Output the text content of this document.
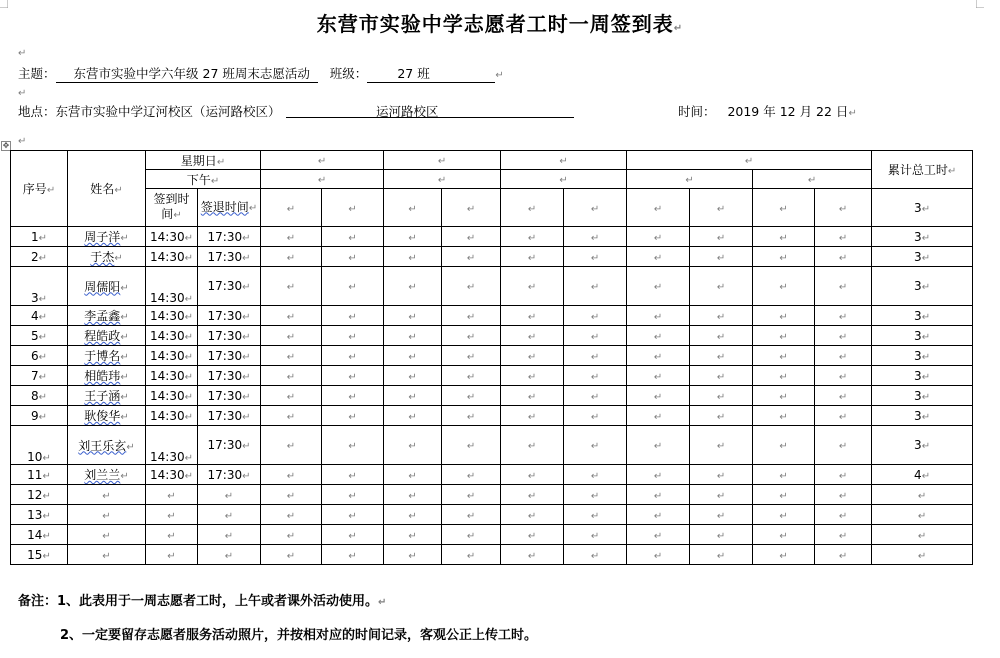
东营市实验中学志愿者工时一周签到表↵
↵
主题： 东营市实验中学六年级 27 班周末志愿活动 班级： 27 班	↵
↵
地点：东营市实验中学辽河校区（运河路校区）	运河路校区	时间： 2019 年 12 月 22 日↵
↵
✥
序号↵	姓名↵	星期日↵		↵		↵		↵		↵				累计总工时↵
		下午↵		↵		↵		↵		↵		↵		
		签到时间↵	签退时间↵	↵	↵	↵	↵	↵	↵	↵	↵	↵	↵	3↵
1↵	周子洋↵	14:30↵	17:30↵	↵	↵	↵	↵	↵	↵	↵	↵	↵	↵	3↵
2↵	于杰↵	14:30↵	17:30↵	↵	↵	↵	↵	↵	↵	↵	↵	↵	↵	3↵
3↵	周儒阳↵	14:30↵	17:30↵	↵	↵	↵	↵	↵	↵	↵	↵	↵	↵	3↵
4↵	李孟鑫↵	14:30↵	17:30↵	↵	↵	↵	↵	↵	↵	↵	↵	↵	↵	3↵
5↵	程皓政↵	14:30↵	17:30↵	↵	↵	↵	↵	↵	↵	↵	↵	↵	↵	3↵
6↵	于博名↵	14:30↵	17:30↵	↵	↵	↵	↵	↵	↵	↵	↵	↵	↵	3↵
7↵	相皓玮↵	14:30↵	17:30↵	↵	↵	↵	↵	↵	↵	↵	↵	↵	↵	3↵
8↵	王子涵↵	14:30↵	17:30↵	↵	↵	↵	↵	↵	↵	↵	↵	↵	↵	3↵
9↵	耿俊华↵	14:30↵	17:30↵	↵	↵	↵	↵	↵	↵	↵	↵	↵	↵	3↵
10↵	刘王乐玄↵	14:30↵	17:30↵	↵	↵	↵	↵	↵	↵	↵	↵	↵	↵	3↵
11↵	刘兰兰↵	14:30↵	17:30↵	↵	↵	↵	↵	↵	↵	↵	↵	↵	↵	4↵
12↵	↵	↵	↵	↵	↵	↵	↵	↵	↵	↵	↵	↵	↵	↵
13↵	↵	↵	↵	↵	↵	↵	↵	↵	↵	↵	↵	↵	↵	↵
14↵	↵	↵	↵	↵	↵	↵	↵	↵	↵	↵	↵	↵	↵	↵
15↵	↵	↵	↵	↵	↵	↵	↵	↵	↵	↵	↵	↵	↵	↵
备注：1、此表用于一周志愿者工时，上午或者课外活动使用。↵
2、一定要留存志愿者服务活动照片，并按相对应的时间记录，客观公正上传工时。
